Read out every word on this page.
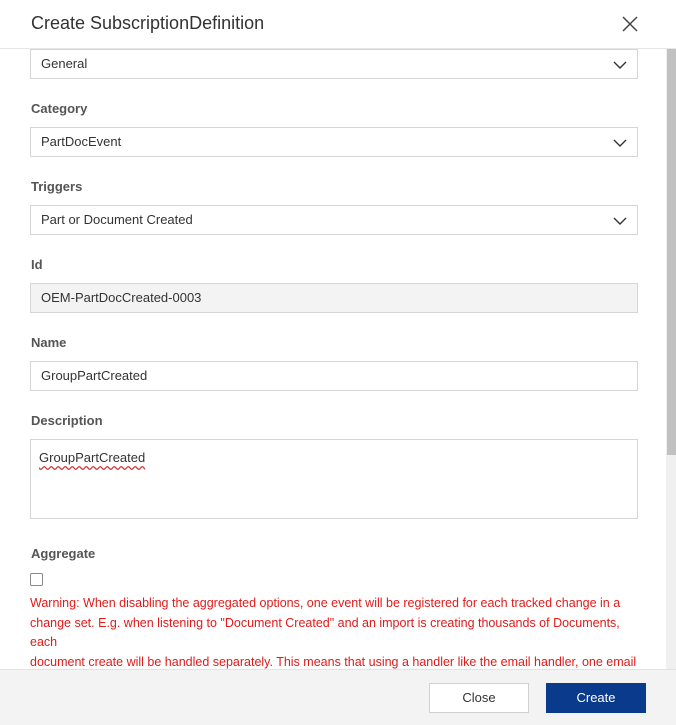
Create SubscriptionDefinition
General
Category
PartDocEvent
Triggers
Part or Document Created
Id
OEM-PartDocCreated-0003
Name
GroupPartCreated
Description
GroupPartCreated
Aggregate
Warning: When disabling the aggregated options, one event will be registered for each tracked change in a
change set. E.g. when listening to "Document Created" and an import is creating thousands of Documents, each
document create will be handled separately. This means that using a handler like the email handler, one email
Close	Create
